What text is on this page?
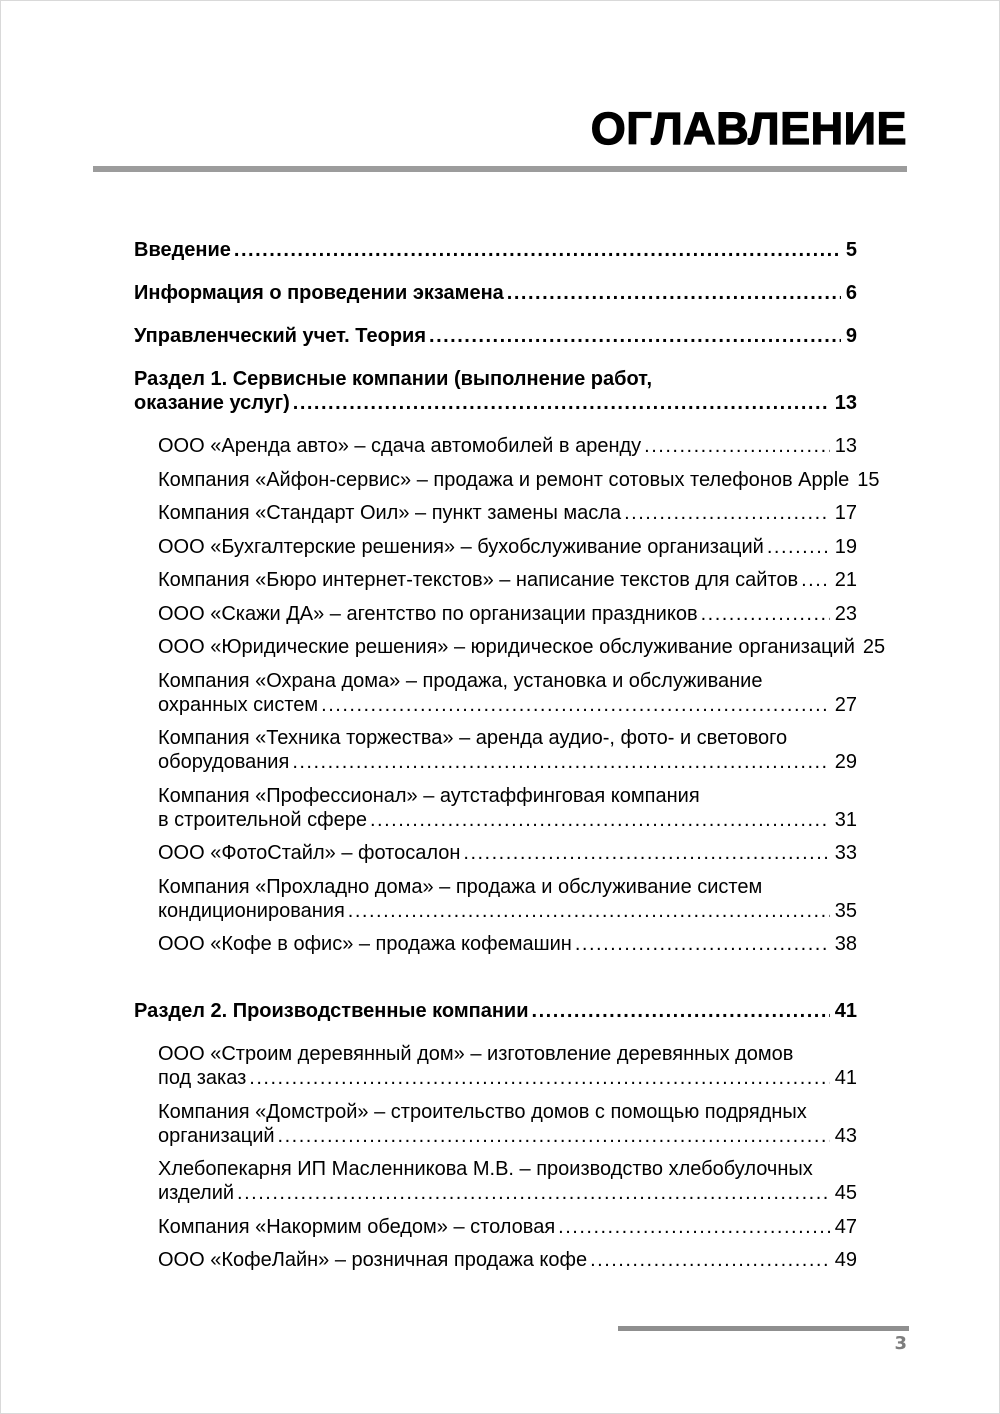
ОГЛАВЛЕНИЕ
Введение .....	5
Информация о проведении экзамена .....	6
Управленческий учет. Теория .....	9
Раздел 1. Сервисные компании (выполнение работ,
оказание услуг) .....	13
ООО «Аренда авто» – сдача автомобилей в аренду .....	13
Компания «Айфон-сервис» – продажа и ремонт сотовых телефонов Apple ..... 15
Компания «Стандарт Оил» – пункт замены масла .....	17
ООО «Бухгалтерские решения» – бухобслуживание организаций .....	19
Компания «Бюро интернет-текстов» – написание текстов для сайтов ..... 21
ООО «Скажи ДА» – агентство по организации праздников .....	23
ООО «Юридические решения» – юридическое обслуживание организаций ..... 25
Компания «Охрана дома» – продажа, установка и обслуживание
охранных систем .....	27
Компания «Техника торжества» – аренда аудио-, фото- и светового
оборудования .....	29
Компания «Профессионал» – аутстаффинговая компания
в строительной сфере .....	31
ООО «ФотоСтайл» – фотосалон .....	33
Компания «Прохладно дома» – продажа и обслуживание систем
кондиционирования .....	35
ООО «Кофе в офис» – продажа кофемашин .....	38
Раздел 2. Производственные компании .....	41
ООО «Строим деревянный дом» – изготовление деревянных домов
под заказ .....	41
Компания «Домстрой» – строительство домов с помощью подрядных
организаций .....	43
Хлебопекарня ИП Масленникова М.В. – производство хлебобулочных
изделий .....	45
Компания «Накормим обедом» – столовая .....	47
ООО «КофеЛайн» – розничная продажа кофе .....	49
3
